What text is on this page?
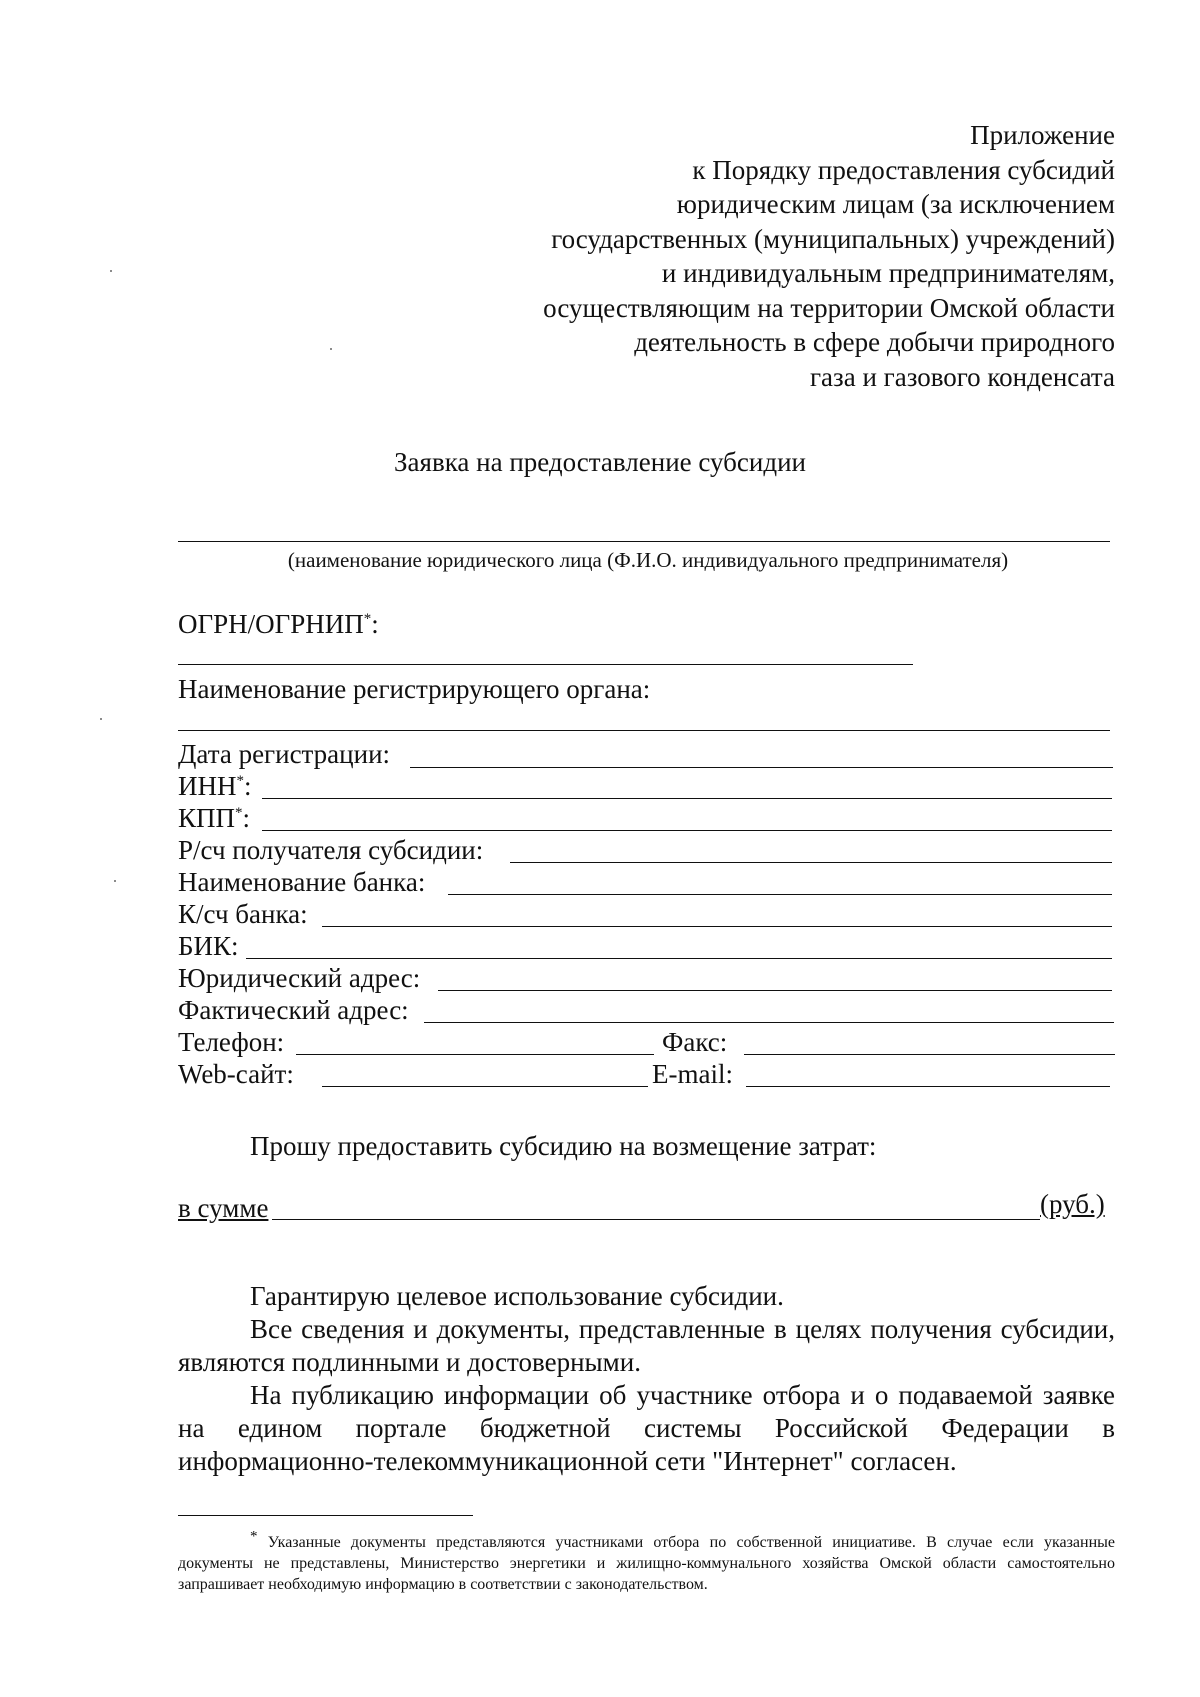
Приложение
к Порядку предоставления субсидий
юридическим лицам (за исключением
государственных (муниципальных) учреждений)
и индивидуальным предпринимателям,
осуществляющим на территории Омской области
деятельность в сфере добычи природного
газа и газового конденсата
Заявка на предоставление субсидии
(наименование юридического лица (Ф.И.О. индивидуального предпринимателя)
ОГРН/ОГРНИП*:
Наименование регистрирующего органа:
Дата регистрации:
ИНН*:
КПП*:
Р/сч получателя субсидии:
Наименование банка:
К/сч банка:
БИК:
Юридический адрес:
Фактический адрес:
Телефон:	Факс:
Web-сайт:	E-mail:
Прошу предоставить субсидию на возмещение затрат:
в сумме	(руб.)
Гарантирую целевое использование субсидии.
Все сведения и документы, представленные в целях получения субсидии, являются подлинными и достоверными.
На публикацию информации об участнике отбора и о подаваемой заявке на едином портале бюджетной системы Российской Федерации в информационно-телекоммуникационной сети "Интернет" согласен.
* Указанные документы представляются участниками отбора по собственной инициативе. В случае если указанные документы не представлены, Министерство энергетики и жилищно-коммунального хозяйства Омской области самостоятельно запрашивает необходимую информацию в соответствии с законодательством.
